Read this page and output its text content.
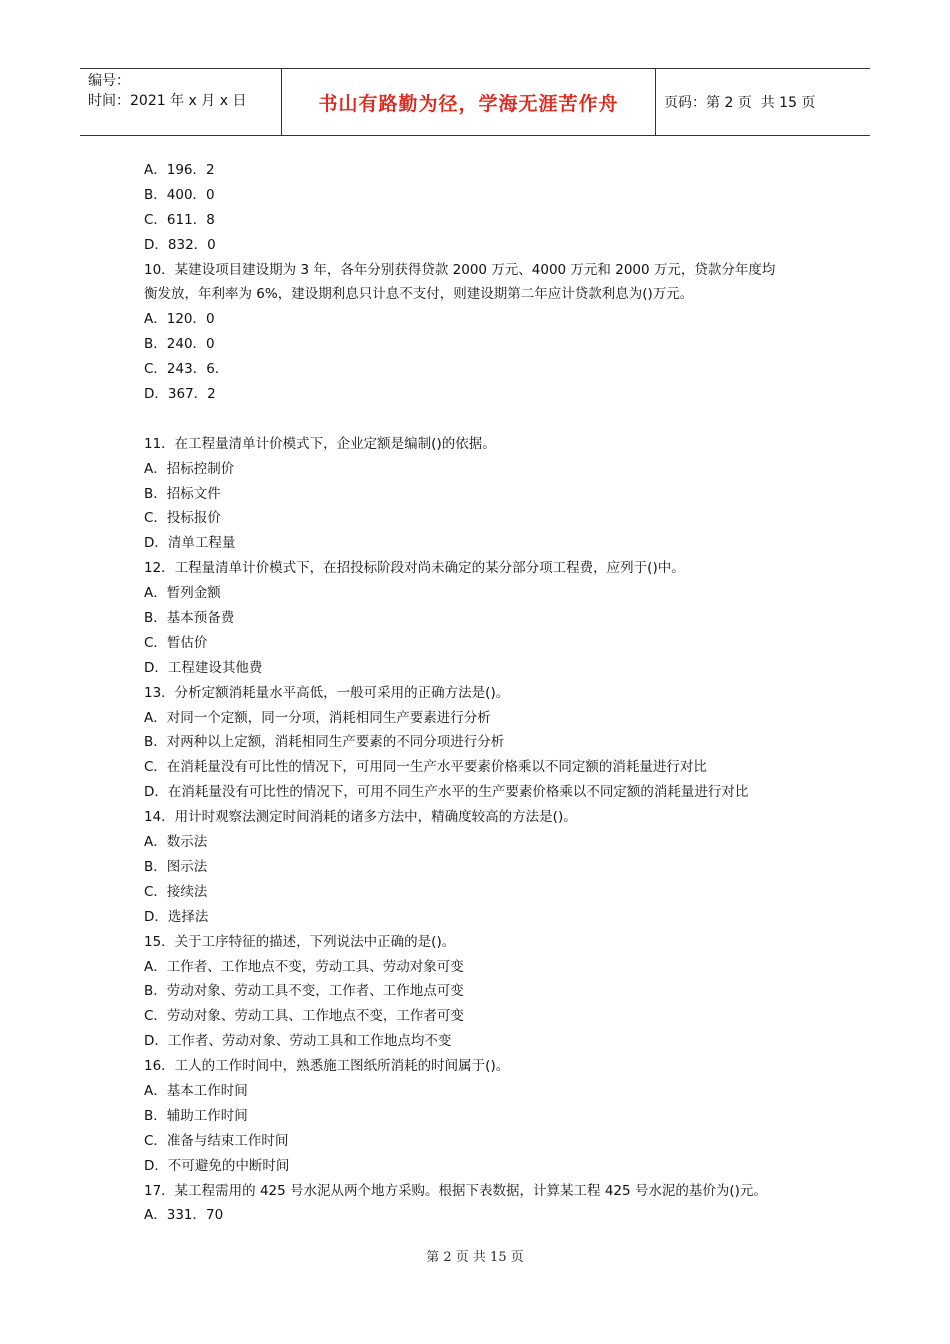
编号：
时间：2021 年 x 月 x 日	书山有路勤为径，学海无涯苦作舟	页码：第 2 页  共 15 页
A．196．2
B．400．0
C．611．8
D．832．0
10．某建设项目建设期为 3 年，各年分别获得贷款 2000 万元、4000 万元和 2000 万元，贷款分年度均
衡发放，年利率为 6%，建设期利息只计息不支付，则建设期第二年应计贷款利息为()万元。
A．120．0
B．240．0
C．243．6.
D．367．2
11．在工程量清单计价模式下，企业定额是编制()的依据。
A．招标控制价
B．招标文件
C．投标报价
D．清单工程量
12．工程量清单计价模式下，在招投标阶段对尚未确定的某分部分项工程费，应列于()中。
A．暂列金额
B．基本预备费
C．暂估价
D．工程建设其他费
13．分析定额消耗量水平高低，一般可采用的正确方法是()。
A．对同一个定额，同一分项，消耗相同生产要素进行分析
B．对两种以上定额，消耗相同生产要素的不同分项进行分析
C．在消耗量没有可比性的情况下，可用同一生产水平要素价格乘以不同定额的消耗量进行对比
D．在消耗量没有可比性的情况下，可用不同生产水平的生产要素价格乘以不同定额的消耗量进行对比
14．用计时观察法测定时间消耗的诸多方法中，精确度较高的方法是()。
A．数示法
B．图示法
C．接续法
D．选择法
15．关于工序特征的描述，下列说法中正确的是()。
A．工作者、工作地点不变，劳动工具、劳动对象可变
B．劳动对象、劳动工具不变，工作者、工作地点可变
C．劳动对象、劳动工具、工作地点不变，工作者可变
D．工作者、劳动对象、劳动工具和工作地点均不变
16．工人的工作时间中，熟悉施工图纸所消耗的时间属于()。
A．基本工作时间
B．辅助工作时间
C．准备与结束工作时间
D．不可避免的中断时间
17．某工程需用的 425 号水泥从两个地方采购。根据下表数据，计算某工程 425 号水泥的基价为()元。
A．331．70
第 2 页 共 15 页
